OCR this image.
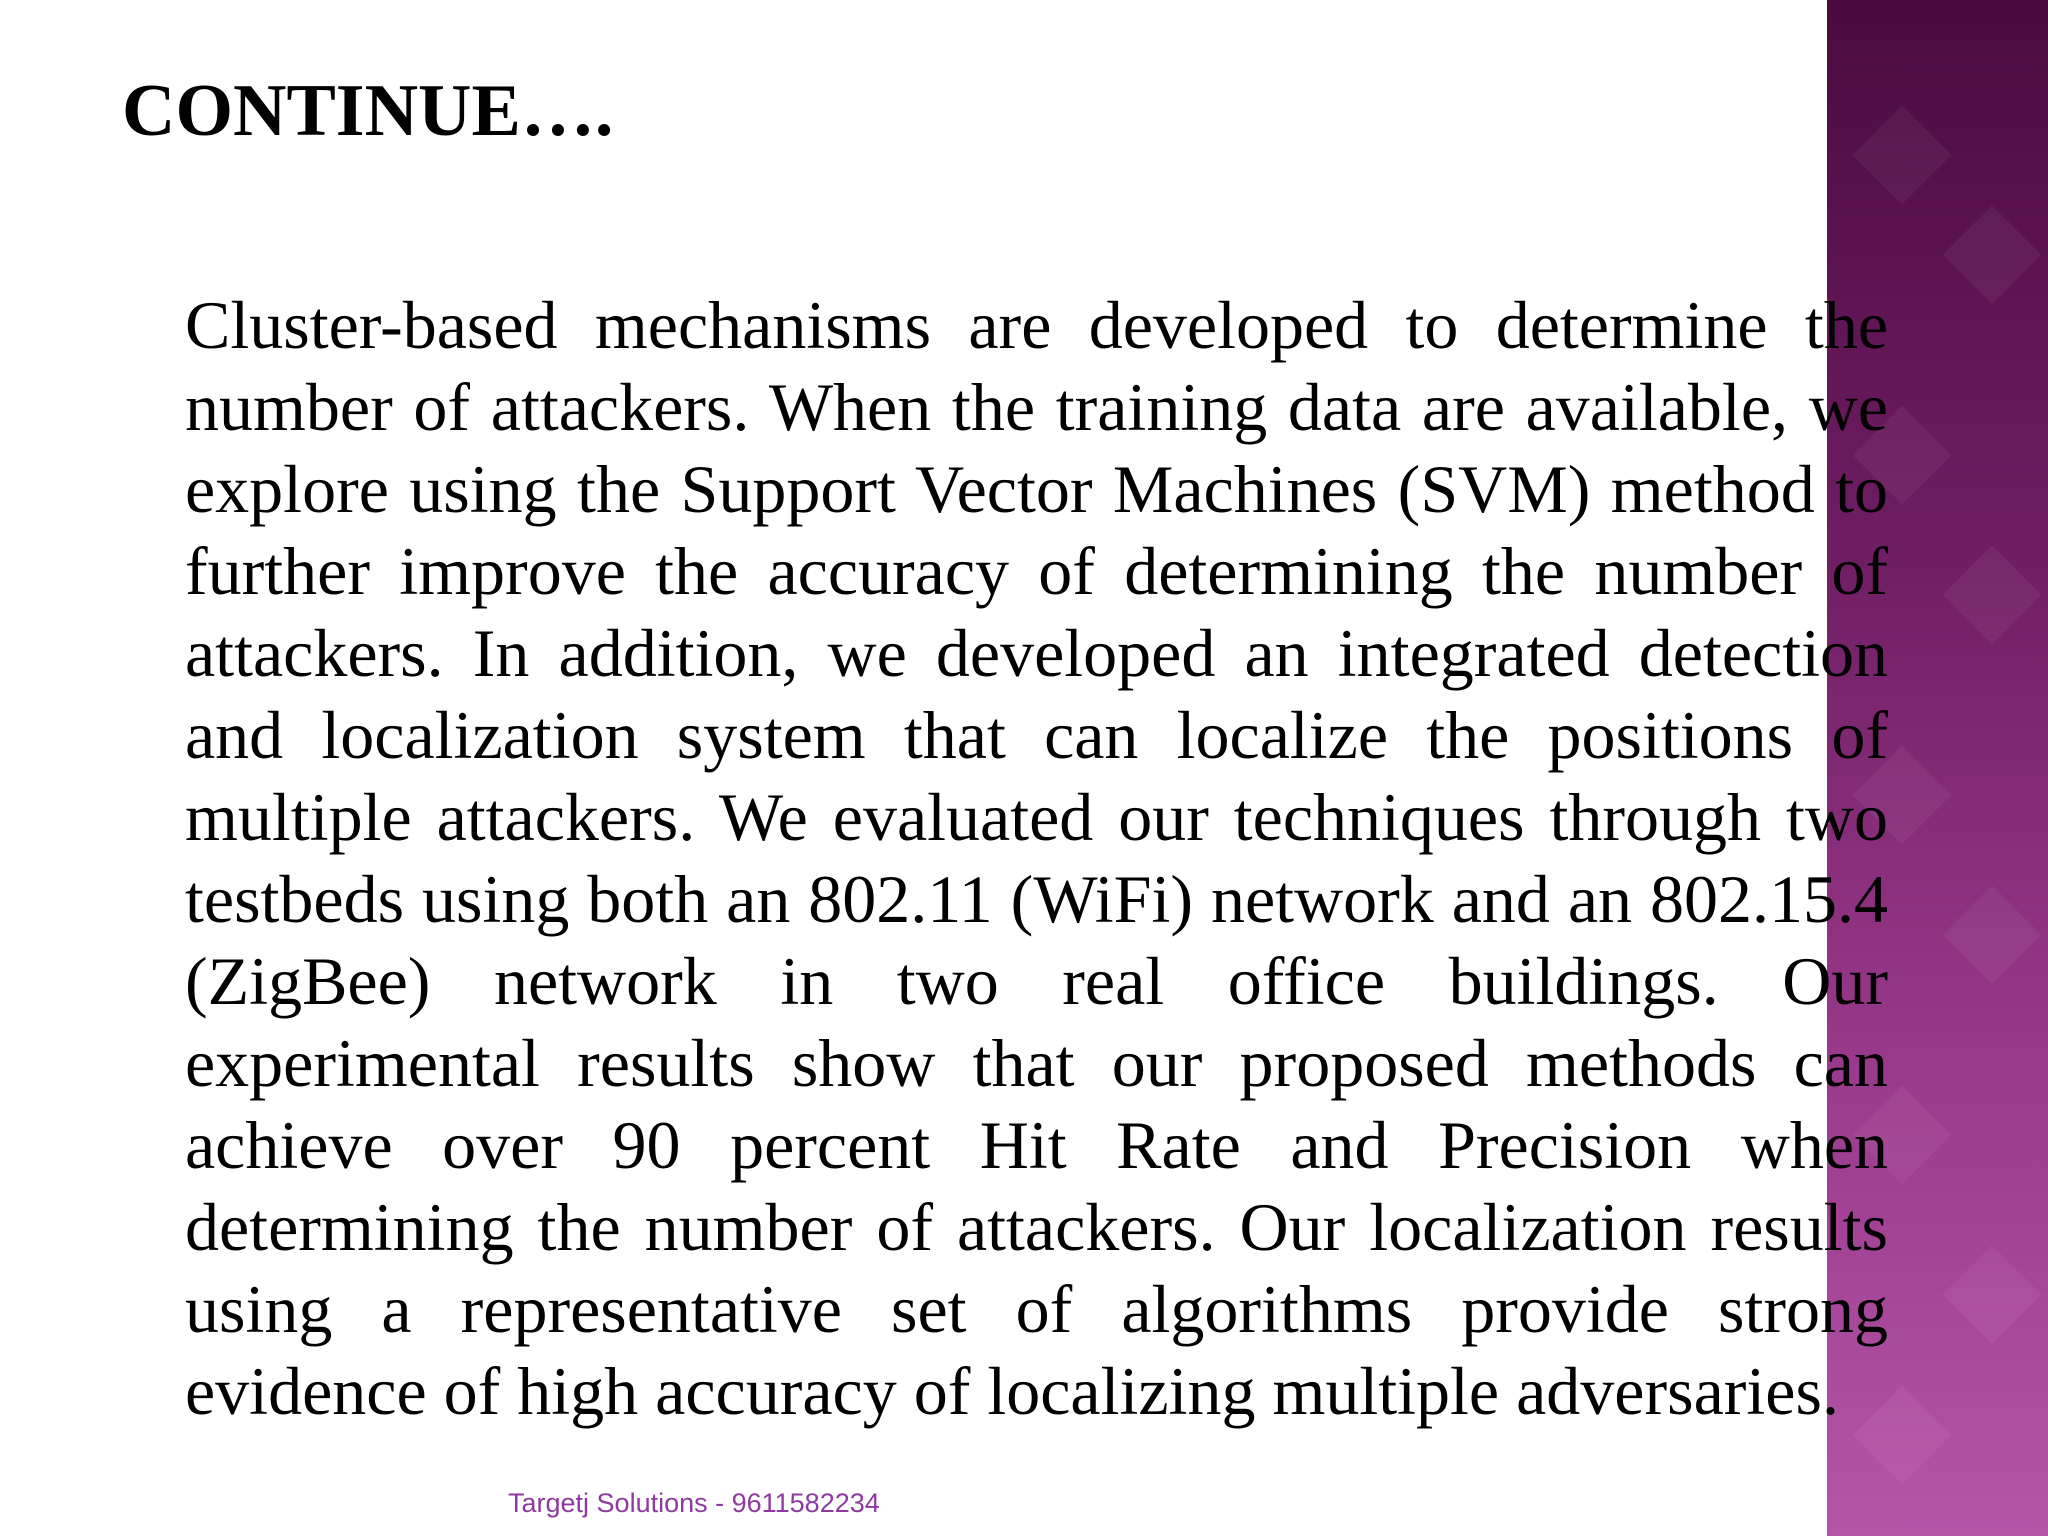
CONTINUE….

Cluster-based mechanisms are developed to determine the number of attackers. When the training data are available, we explore using the Support Vector Machines (SVM) method to further improve the accuracy of determining the number of attackers. In addition, we developed an integrated detection and localization system that can localize the positions of multiple attackers. We evaluated our techniques through two testbeds using both an 802.11 (WiFi) network and an 802.15.4 (ZigBee) network in two real office buildings. Our experimental results show that our proposed methods can achieve over 90 percent Hit Rate and Precision when determining the number of attackers. Our localization results using a representative set of algorithms provide strong evidence of high accuracy of localizing multiple adversaries.

Targetj Solutions - 9611582234
